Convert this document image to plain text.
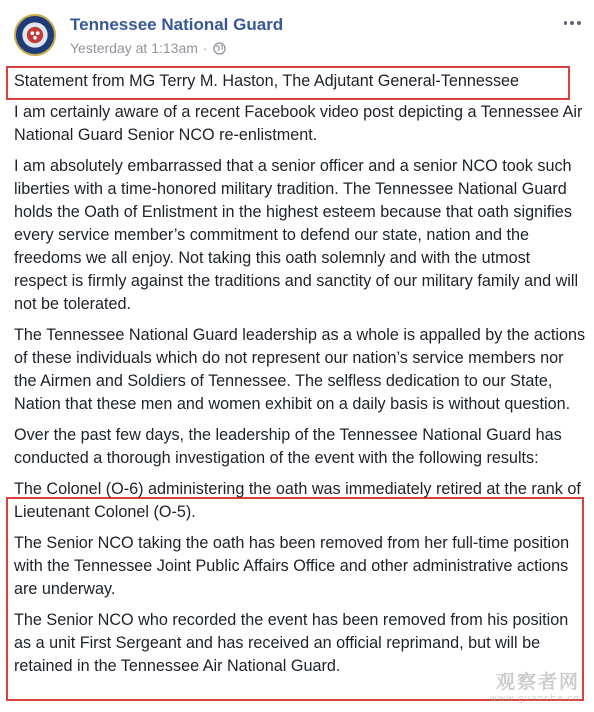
Tennessee National Guard
Yesterday at 1:13am ·

Statement from MG Terry M. Haston, The Adjutant General-Tennessee

I am certainly aware of a recent Facebook video post depicting a Tennessee Air National Guard Senior NCO re-enlistment.

I am absolutely embarrassed that a senior officer and a senior NCO took such liberties with a time-honored military tradition. The Tennessee National Guard holds the Oath of Enlistment in the highest esteem because that oath signifies every service member’s commitment to defend our state, nation and the freedoms we all enjoy. Not taking this oath solemnly and with the utmost respect is firmly against the traditions and sanctity of our military family and will not be tolerated.

The Tennessee National Guard leadership as a whole is appalled by the actions of these individuals which do not represent our nation’s service members nor the Airmen and Soldiers of Tennessee. The selfless dedication to our State, Nation that these men and women exhibit on a daily basis is without question.

Over the past few days, the leadership of the Tennessee National Guard has conducted a thorough investigation of the event with the following results:

The Colonel (O-6) administering the oath was immediately retired at the rank of Lieutenant Colonel (O-5).

The Senior NCO taking the oath has been removed from her full-time position with the Tennessee Joint Public Affairs Office and other administrative actions are underway.

The Senior NCO who recorded the event has been removed from his position as a unit First Sergeant and has received an official reprimand, but will be retained in the Tennessee Air National Guard.

观察者网
www.guancha.cn
